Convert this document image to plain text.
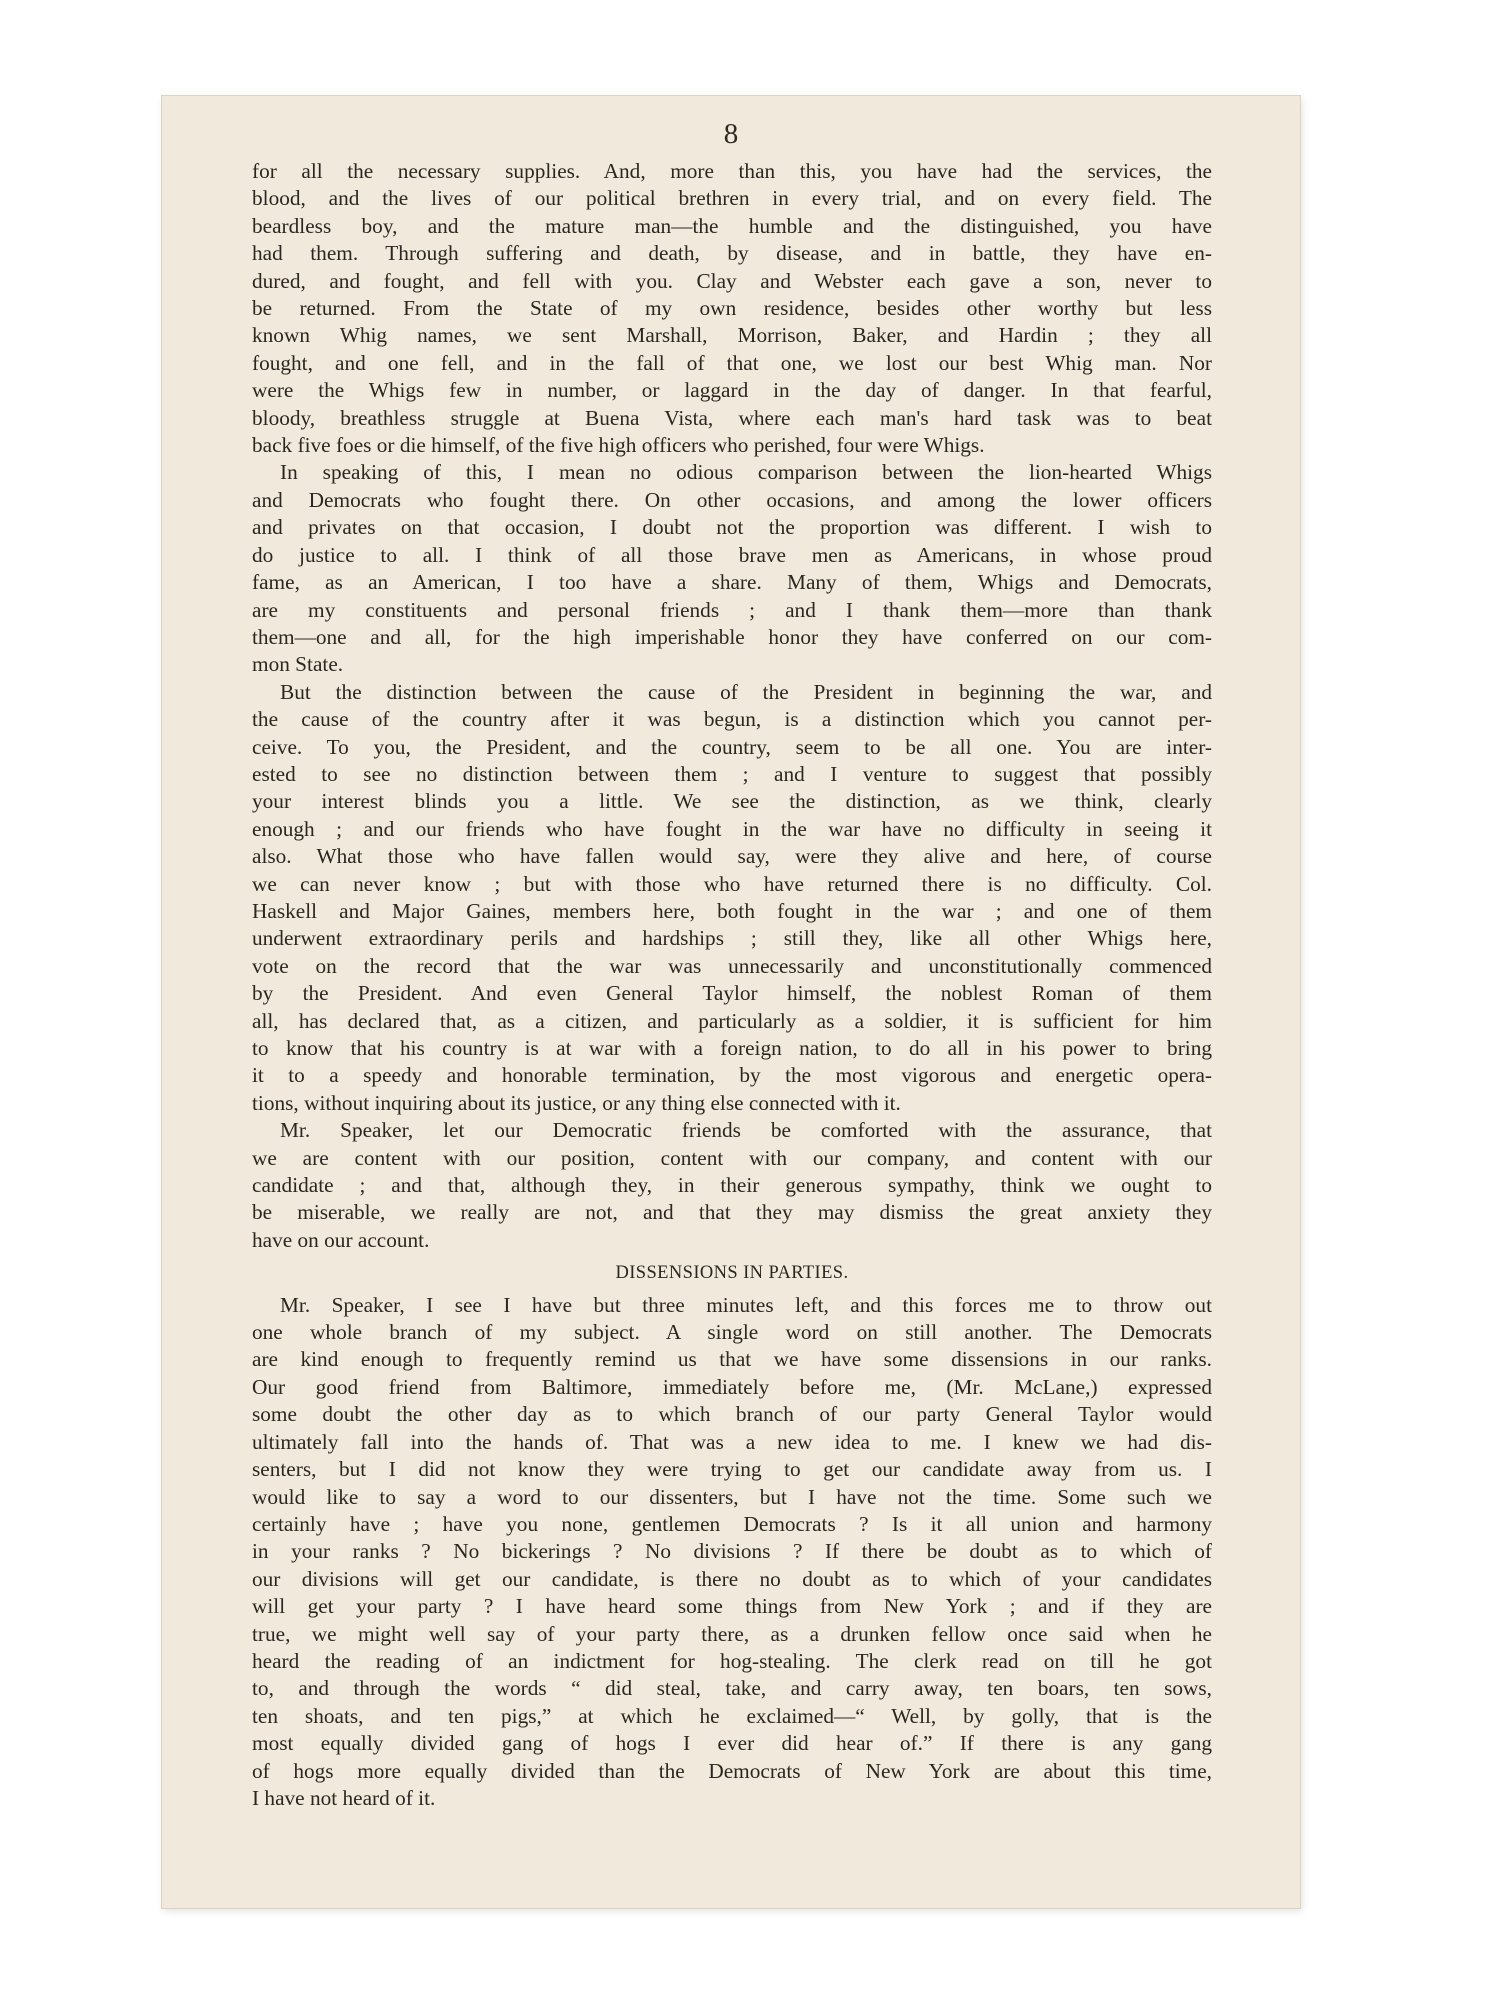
8
for all the necessary supplies. And, more than this, you have had the services, the
blood, and the lives of our political brethren in every trial, and on every field. The
beardless boy, and the mature man—the humble and the distinguished, you have
had them. Through suffering and death, by disease, and in battle, they have en-
dured, and fought, and fell with you. Clay and Webster each gave a son, never to
be returned. From the State of my own residence, besides other worthy but less
known Whig names, we sent Marshall, Morrison, Baker, and Hardin ; they all
fought, and one fell, and in the fall of that one, we lost our best Whig man. Nor
were the Whigs few in number, or laggard in the day of danger. In that fearful,
bloody, breathless struggle at Buena Vista, where each man's hard task was to beat
back five foes or die himself, of the five high officers who perished, four were Whigs.
In speaking of this, I mean no odious comparison between the lion-hearted Whigs
and Democrats who fought there. On other occasions, and among the lower officers
and privates on that occasion, I doubt not the proportion was different. I wish to
do justice to all. I think of all those brave men as Americans, in whose proud
fame, as an American, I too have a share. Many of them, Whigs and Democrats,
are my constituents and personal friends ; and I thank them—more than thank
them—one and all, for the high imperishable honor they have conferred on our com-
mon State.
But the distinction between the cause of the President in beginning the war, and
the cause of the country after it was begun, is a distinction which you cannot per-
ceive. To you, the President, and the country, seem to be all one. You are inter-
ested to see no distinction between them ; and I venture to suggest that possibly
your interest blinds you a little. We see the distinction, as we think, clearly
enough ; and our friends who have fought in the war have no difficulty in seeing it
also. What those who have fallen would say, were they alive and here, of course
we can never know ; but with those who have returned there is no difficulty. Col.
Haskell and Major Gaines, members here, both fought in the war ; and one of them
underwent extraordinary perils and hardships ; still they, like all other Whigs here,
vote on the record that the war was unnecessarily and unconstitutionally commenced
by the President. And even General Taylor himself, the noblest Roman of them
all, has declared that, as a citizen, and particularly as a soldier, it is sufficient for him
to know that his country is at war with a foreign nation, to do all in his power to bring
it to a speedy and honorable termination, by the most vigorous and energetic opera-
tions, without inquiring about its justice, or any thing else connected with it.
Mr. Speaker, let our Democratic friends be comforted with the assurance, that
we are content with our position, content with our company, and content with our
candidate ; and that, although they, in their generous sympathy, think we ought to
be miserable, we really are not, and that they may dismiss the great anxiety they
have on our account.
DISSENSIONS IN PARTIES.
Mr. Speaker, I see I have but three minutes left, and this forces me to throw out
one whole branch of my subject. A single word on still another. The Democrats
are kind enough to frequently remind us that we have some dissensions in our ranks.
Our good friend from Baltimore, immediately before me, (Mr. McLane,) expressed
some doubt the other day as to which branch of our party General Taylor would
ultimately fall into the hands of. That was a new idea to me. I knew we had dis-
senters, but I did not know they were trying to get our candidate away from us. I
would like to say a word to our dissenters, but I have not the time. Some such we
certainly have ; have you none, gentlemen Democrats ? Is it all union and harmony
in your ranks ? No bickerings ? No divisions ? If there be doubt as to which of
our divisions will get our candidate, is there no doubt as to which of your candidates
will get your party ? I have heard some things from New York ; and if they are
true, we might well say of your party there, as a drunken fellow once said when he
heard the reading of an indictment for hog-stealing. The clerk read on till he got
to, and through the words “ did steal, take, and carry away, ten boars, ten sows,
ten shoats, and ten pigs,” at which he exclaimed—“ Well, by golly, that is the
most equally divided gang of hogs I ever did hear of.” If there is any gang
of hogs more equally divided than the Democrats of New York are about this time,
I have not heard of it.
